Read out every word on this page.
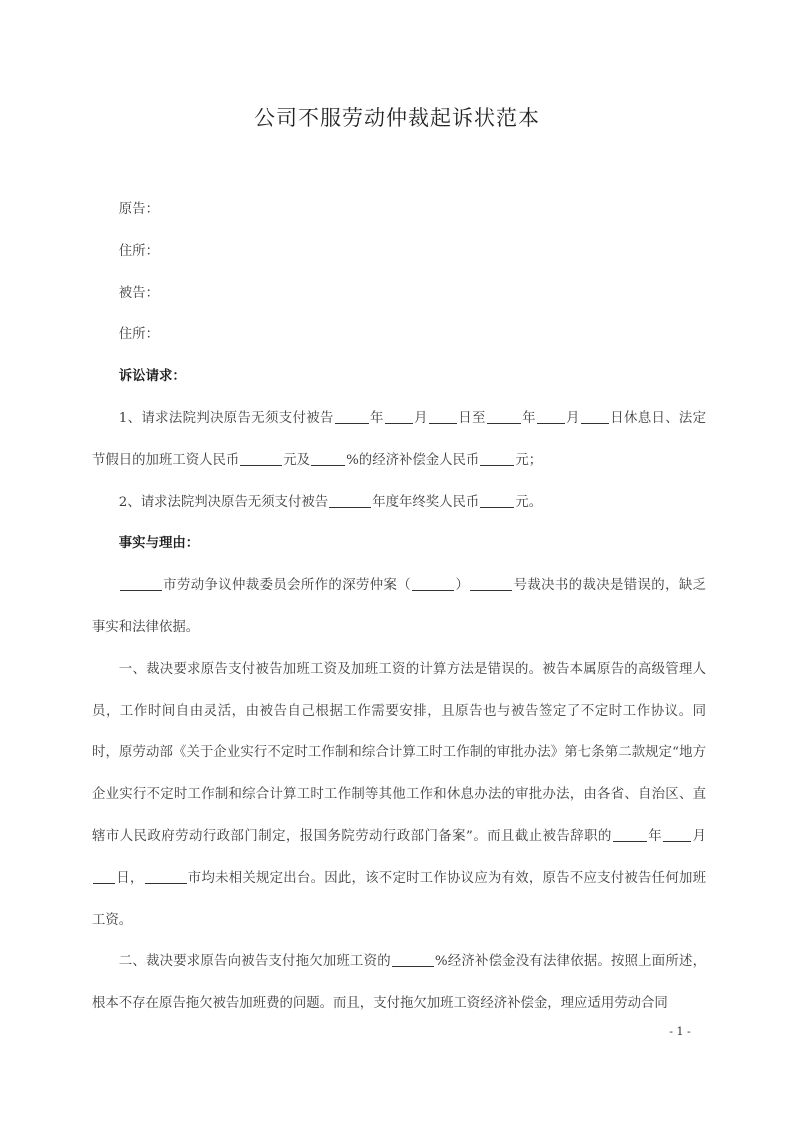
公司不服劳动仲裁起诉状范本

原告：

住所：

被告：

住所：

诉讼请求：

1、请求法院判决原告无须支付被告	年 月 日至	年 月 日休息日、法定节假日的加班工资人民币	元及	%的经济补偿金人民币	元；

2、请求法院判决原告无须支付被告	年度年终奖人民币	元。

事实与理由：

市劳动争议仲裁委员会所作的深劳仲案（	）	号裁决书的裁决是错误的，缺乏事实和法律依据。

一、裁决要求原告支付被告加班工资及加班工资的计算方法是错误的。被告本属原告的高级管理人员，工作时间自由灵活，由被告自己根据工作需要安排，且原告也与被告签定了不定时工作协议。同时，原劳动部《关于企业实行不定时工作制和综合计算工时工作制的审批办法》第七条第二款规定“地方企业实行不定时工作制和综合计算工时工作制等其他工作和休息办法的审批办法，由各省、自治区、直辖市人民政府劳动行政部门制定，报国务院劳动行政部门备案”。而且截止被告辞职的	年 月日，	市均未相关规定出台。因此，该不定时工作协议应为有效，原告不应支付被告任何加班工资。

二、裁决要求原告向被告支付拖欠加班工资的	%经济补偿金没有法律依据。按照上面所述，根本不存在原告拖欠被告加班费的问题。而且，支付拖欠加班工资经济补偿金，理应适用劳动合同

- 1 -
